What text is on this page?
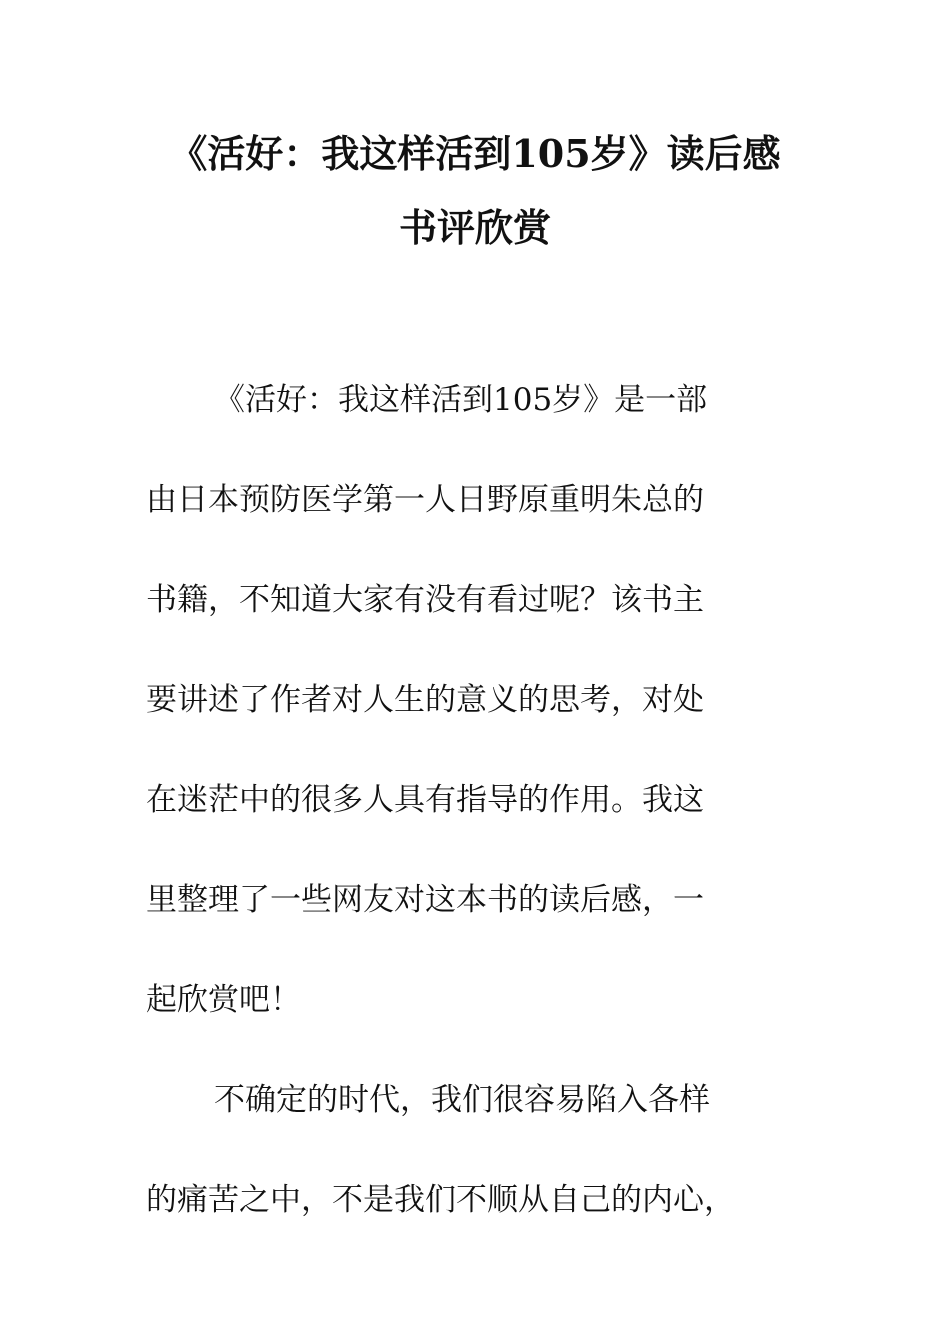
《活好：我这样活到105岁》读后感
书评欣赏

《活好：我这样活到105岁》是一部

由日本预防医学第一人日野原重明朱总的

书籍，不知道大家有没有看过呢？该书主

要讲述了作者对人生的意义的思考，对处

在迷茫中的很多人具有指导的作用。我这

里整理了一些网友对这本书的读后感，一

起欣赏吧！

不确定的时代，我们很容易陷入各样

的痛苦之中，不是我们不顺从自己的内心，
